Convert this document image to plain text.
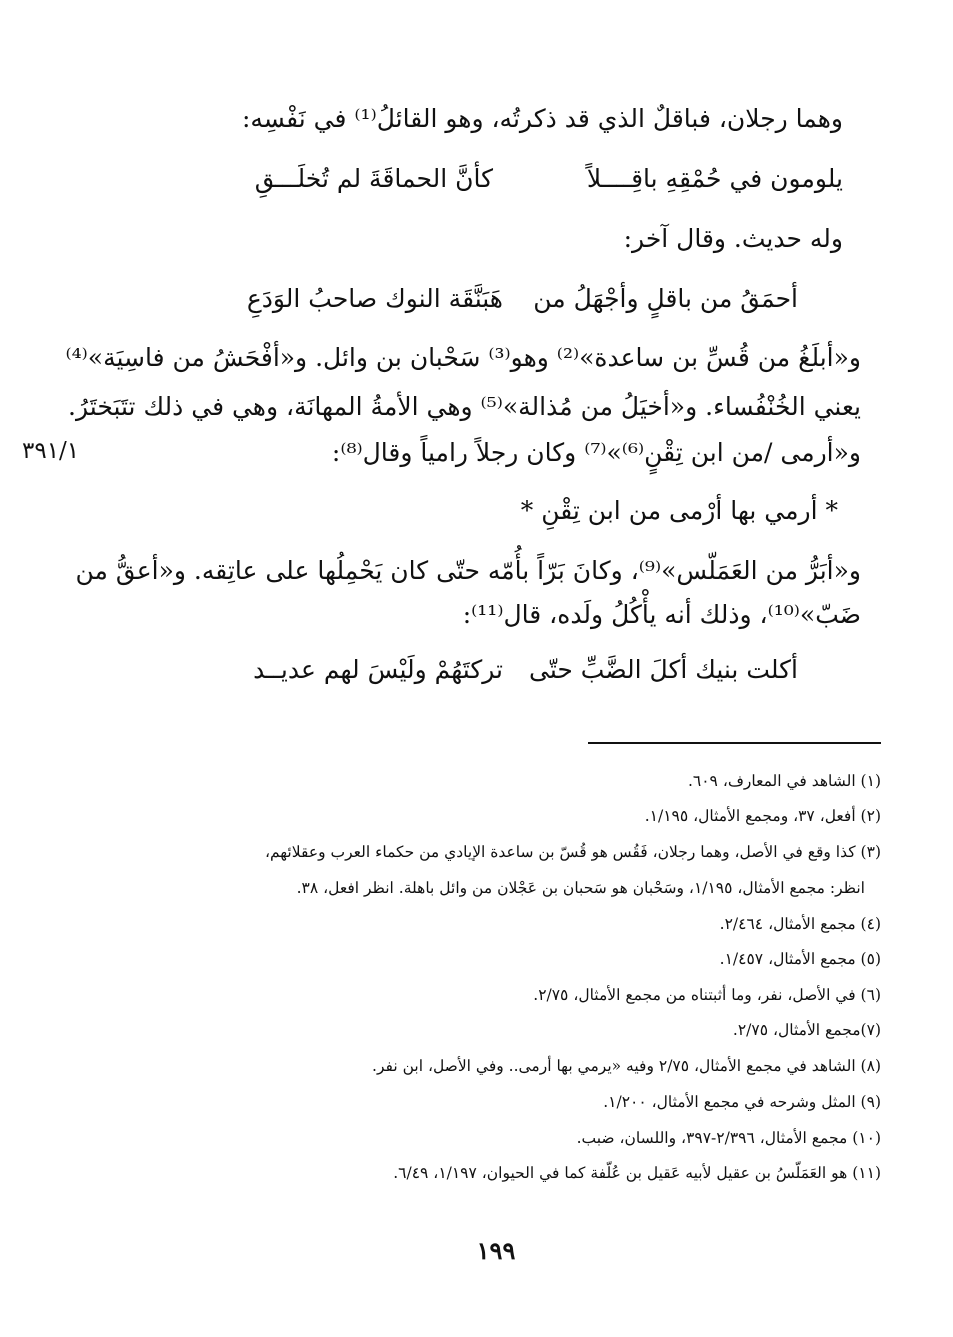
وهما رجلان، فباقلٌ الذي قد ذكرتُه، وهو القائلُ⁽¹⁾ في نَفْسِه:
يلومون في حُمْقِهِ باقِــــلاً
كأنَّ الحماقَةَ لم تُخلَـــقِ
وله حديث. وقال آخر:
أحمَقُ من باقلٍ وأجْهَلُ من
هَبَنَّقَة النوك صاحبُ الوَدَعِ
و«أبلَغُ من قُسِّ بن ساعدة»⁽²⁾ وهو⁽³⁾ سَحْبان بن وائل. و«أفْحَشُ من فاسِيَة»⁽⁴⁾
يعني الخُنْفُساء. و«أخيَلُ من مُذالة»⁽⁵⁾ وهي الأمةُ المهانَة، وهي في ذلك تتَبَختَرُ.
و«أرمى /من ابن تِقْنٍ⁽⁶⁾»⁽⁷⁾ وكان رجلاً رامياً وقال⁽⁸⁾:
٣٩١/١
* أرمي بها أرْمى من ابن تِقْنِ *
و«أبَرُّ من العَمَلّس»⁽⁹⁾، وكانَ بَرّاً بأُمّه حتّى كان يَحْمِلُها على عاتِقه. و«أعقُّ من
ضَبّ»⁽¹⁰⁾، وذلك أنه يأْكُلُ ولَده، قال⁽¹¹⁾:
أكلت بنيك أكلَ الضَّبِّ حتّى
تركتَهُمْ ولَيْسَ لهم عديــد
(١) الشاهد في المعارف، ٦٠٩.
(٢) أفعل، ٣٧، ومجمع الأمثال، ١/١٩٥.
(٣) كذا وقع في الأصل، وهما رجلان، فَقُس هو قُسّ بن ساعدة الإيادي من حكماء العرب وعقلائهم،
انظر: مجمع الأمثال، ١/١٩٥، وسَحْبان هو سَحبان بن عَجْلان من وائل باهلة. انظر افعل، ٣٨.
(٤) مجمع الأمثال، ٢/٤٦٤.
(٥) مجمع الأمثال، ١/٤٥٧.
(٦) في الأصل، نفر، وما أثبتناه من مجمع الأمثال، ٢/٧٥.
(٧)مجمع الأمثال، ٢/٧٥.
(٨) الشاهد في مجمع الأمثال، ٢/٧٥ وفيه «يرمي بها أرمى.. وفي الأصل، ابن نفر.
(٩) المثل وشرحه في مجمع الأمثال، ١/٢٠٠.
(١٠) مجمع الأمثال، ٢/٣٩٦-٣٩٧، واللسان، ضبب.
(١١) هو العَمَلّسُ بن عقيل لأبيه عَقيل بن عُلّفة كما في الحيوان، ١/١٩٧، ٦/٤٩.
١٩٩
